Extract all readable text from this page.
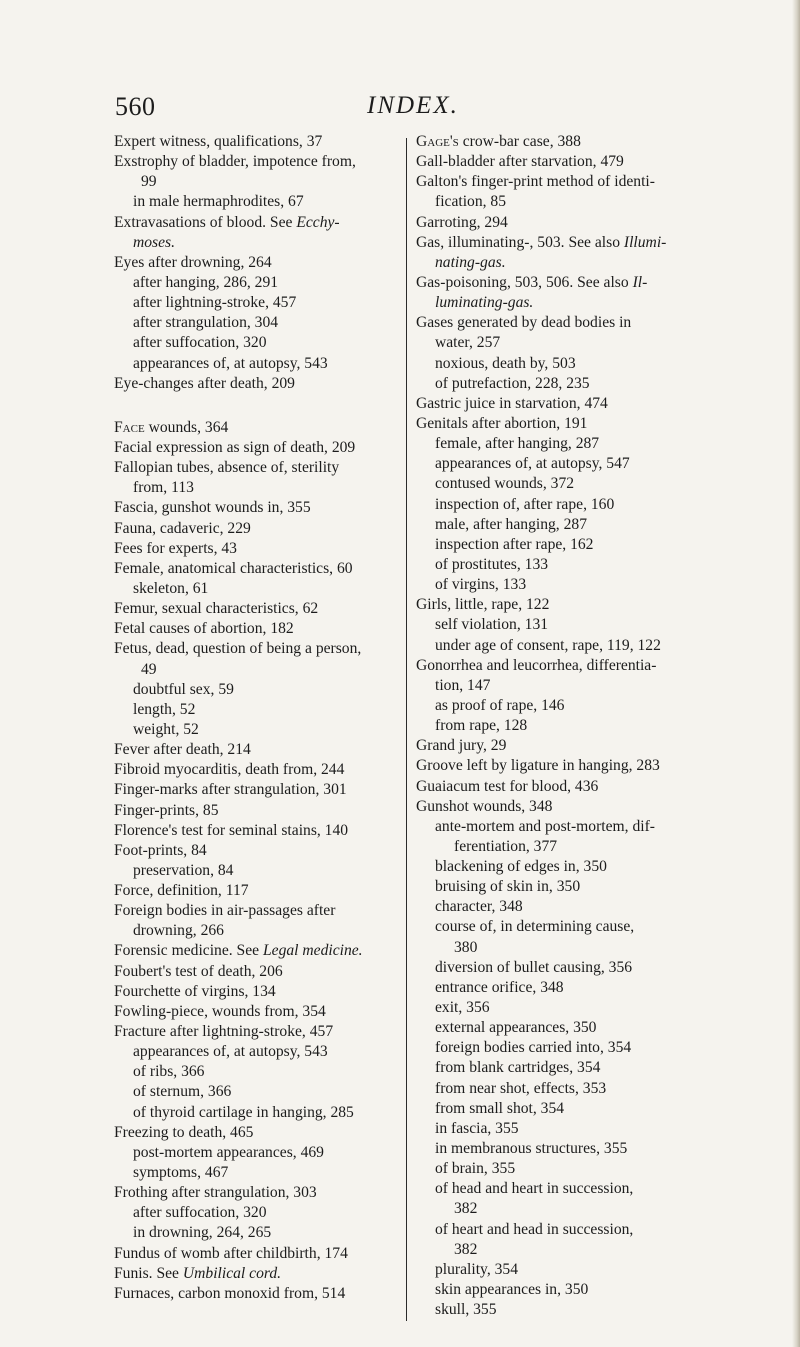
560	INDEX.
Expert witness, qualifications, 37
Exstrophy of bladder, impotence from,
99
in male hermaphrodites, 67
Extravasations of blood. See Ecchy-
moses.
Eyes after drowning, 264
after hanging, 286, 291
after lightning-stroke, 457
after strangulation, 304
after suffocation, 320
appearances of, at autopsy, 543
Eye-changes after death, 209
Face wounds, 364
Facial expression as sign of death, 209
Fallopian tubes, absence of, sterility
from, 113
Fascia, gunshot wounds in, 355
Fauna, cadaveric, 229
Fees for experts, 43
Female, anatomical characteristics, 60
skeleton, 61
Femur, sexual characteristics, 62
Fetal causes of abortion, 182
Fetus, dead, question of being a person,
49
doubtful sex, 59
length, 52
weight, 52
Fever after death, 214
Fibroid myocarditis, death from, 244
Finger-marks after strangulation, 301
Finger-prints, 85
Florence's test for seminal stains, 140
Foot-prints, 84
preservation, 84
Force, definition, 117
Foreign bodies in air-passages after
drowning, 266
Forensic medicine. See Legal medicine.
Foubert's test of death, 206
Fourchette of virgins, 134
Fowling-piece, wounds from, 354
Fracture after lightning-stroke, 457
appearances of, at autopsy, 543
of ribs, 366
of sternum, 366
of thyroid cartilage in hanging, 285
Freezing to death, 465
post-mortem appearances, 469
symptoms, 467
Frothing after strangulation, 303
after suffocation, 320
in drowning, 264, 265
Fundus of womb after childbirth, 174
Funis. See Umbilical cord.
Furnaces, carbon monoxid from, 514
Gage's crow-bar case, 388
Gall-bladder after starvation, 479
Galton's finger-print method of identi-
fication, 85
Garroting, 294
Gas, illuminating-, 503. See also Illumi-
nating-gas.
Gas-poisoning, 503, 506. See also Il-
luminating-gas.
Gases generated by dead bodies in
water, 257
noxious, death by, 503
of putrefaction, 228, 235
Gastric juice in starvation, 474
Genitals after abortion, 191
female, after hanging, 287
appearances of, at autopsy, 547
contused wounds, 372
inspection of, after rape, 160
male, after hanging, 287
inspection after rape, 162
of prostitutes, 133
of virgins, 133
Girls, little, rape, 122
self violation, 131
under age of consent, rape, 119, 122
Gonorrhea and leucorrhea, differentia-
tion, 147
as proof of rape, 146
from rape, 128
Grand jury, 29
Groove left by ligature in hanging, 283
Guaiacum test for blood, 436
Gunshot wounds, 348
ante-mortem and post-mortem, dif-
ferentiation, 377
blackening of edges in, 350
bruising of skin in, 350
character, 348
course of, in determining cause,
380
diversion of bullet causing, 356
entrance orifice, 348
exit, 356
external appearances, 350
foreign bodies carried into, 354
from blank cartridges, 354
from near shot, effects, 353
from small shot, 354
in fascia, 355
in membranous structures, 355
of brain, 355
of head and heart in succession,
382
of heart and head in succession,
382
plurality, 354
skin appearances in, 350
skull, 355
